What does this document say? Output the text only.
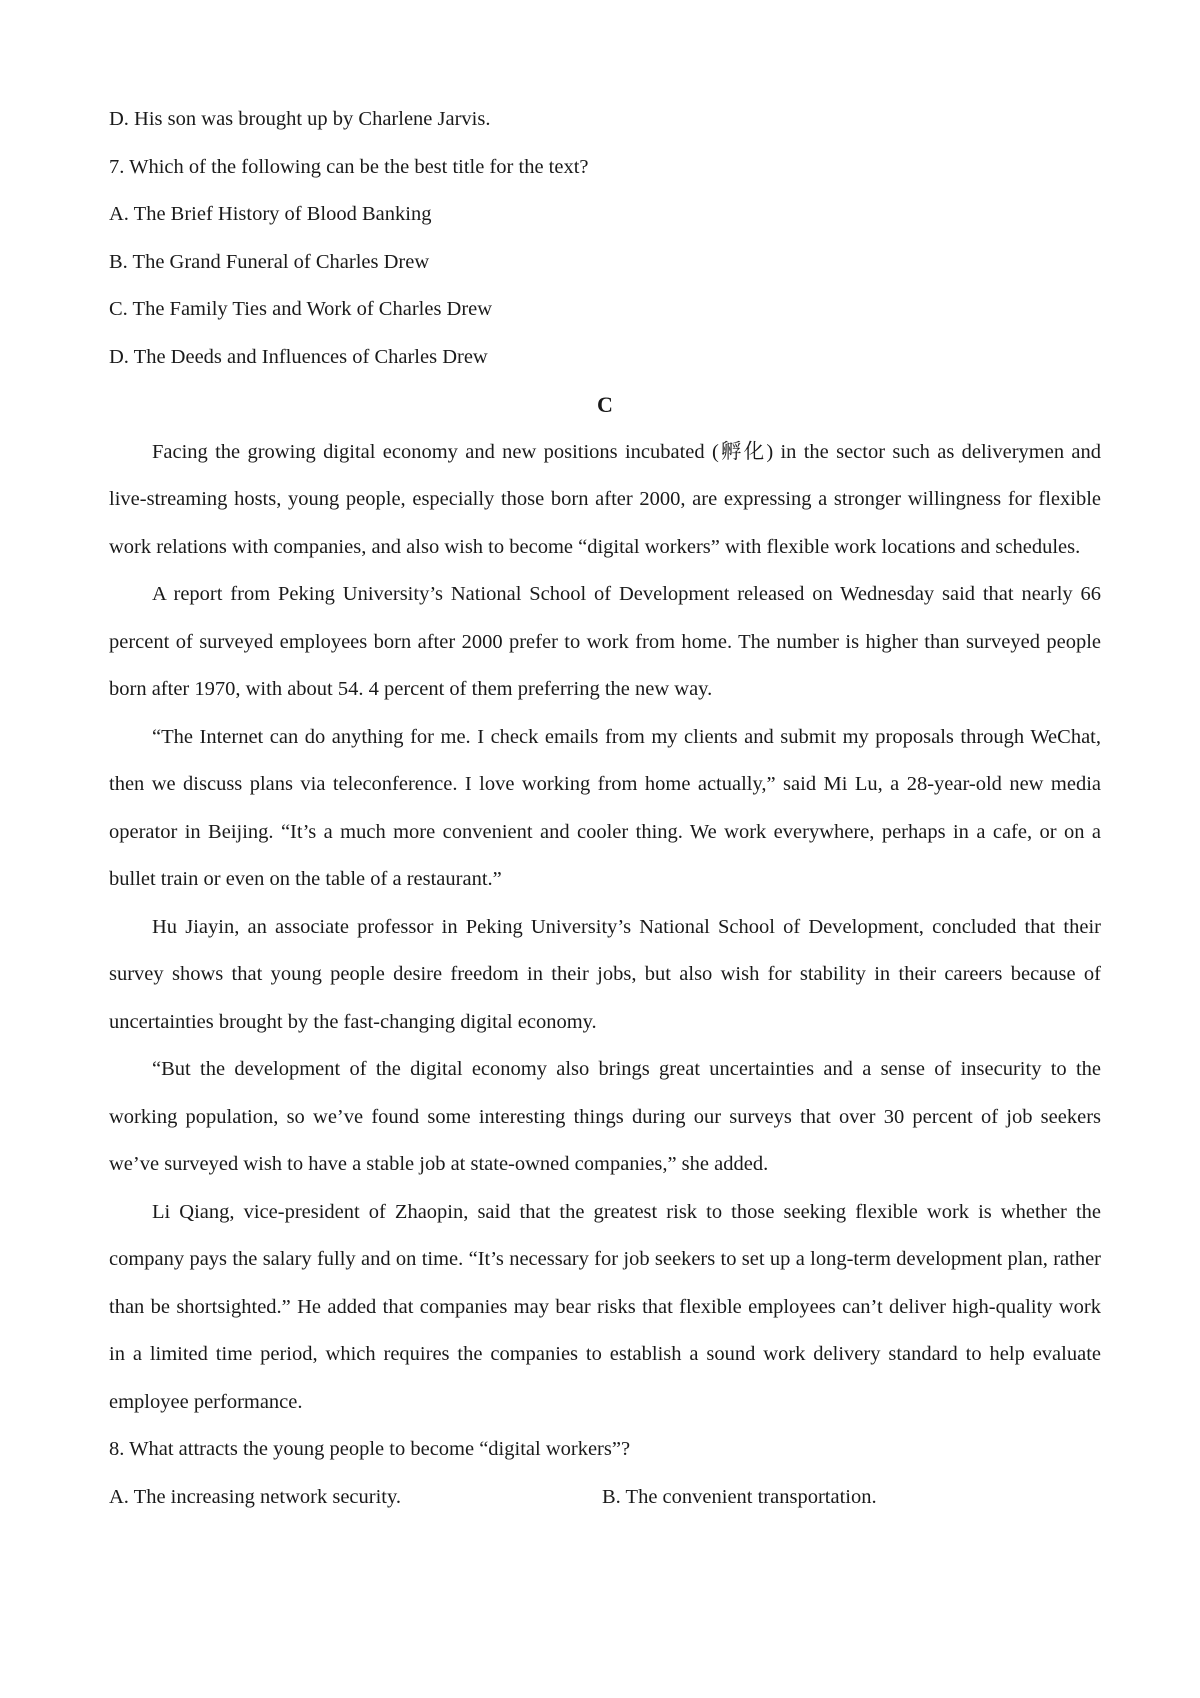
D. His son was brought up by Charlene Jarvis.
7. Which of the following can be the best title for the text?
A. The Brief History of Blood Banking
B. The Grand Funeral of Charles Drew
C. The Family Ties and Work of Charles Drew
D. The Deeds and Influences of Charles Drew
C

Facing the growing digital economy and new positions incubated (孵化) in the sector such as deliverymen and live-streaming hosts, young people, especially those born after 2000, are expressing a stronger willingness for flexible work relations with companies, and also wish to become “digital workers” with flexible work locations and schedules.

A report from Peking University’s National School of Development released on Wednesday said that nearly 66 percent of surveyed employees born after 2000 prefer to work from home. The number is higher than surveyed people born after 1970, with about 54. 4 percent of them preferring the new way.

“The Internet can do anything for me. I check emails from my clients and submit my proposals through WeChat, then we discuss plans via teleconference. I love working from home actually,” said Mi Lu, a 28-year-old new media operator in Beijing. “It’s a much more convenient and cooler thing. We work everywhere, perhaps in a cafe, or on a bullet train or even on the table of a restaurant.”

Hu Jiayin, an associate professor in Peking University’s National School of Development, concluded that their survey shows that young people desire freedom in their jobs, but also wish for stability in their careers because of uncertainties brought by the fast-changing digital economy.

“But the development of the digital economy also brings great uncertainties and a sense of insecurity to the working population, so we’ve found some interesting things during our surveys that over 30 percent of job seekers we’ve surveyed wish to have a stable job at state-owned companies,” she added.

Li Qiang, vice-president of Zhaopin, said that the greatest risk to those seeking flexible work is whether the company pays the salary fully and on time. “It’s necessary for job seekers to set up a long-term development plan, rather than be shortsighted.” He added that companies may bear risks that flexible employees can’t deliver high-quality work in a limited time period, which requires the companies to establish a sound work delivery standard to help evaluate employee performance.

8. What attracts the young people to become “digital workers”?
A. The increasing network security.	B. The convenient transportation.
